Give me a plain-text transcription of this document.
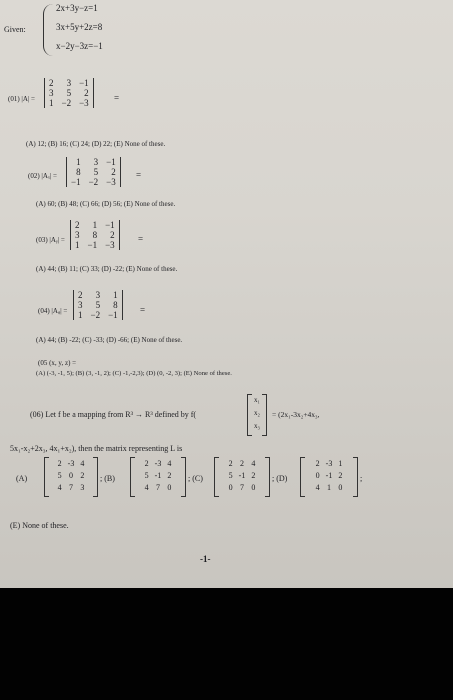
Given:
2x+3y−z=1
3x+5y+2z=8
x−2y−3z=−1
(01) |A| =
2	3	−1
3	5	2
1	−2	−3	=
(A) 12; (B) 16; (C) 24; (D) 22; (E) None of these.
(02) |Aₓ| =
1	3	−1
8	5	2
−1	−2	−3
=
(A) 60; (B) 48; (C) 66; (D) 56; (E) None of these.
(03) |Aᵧ| =
2	1	−1
3	8	2
1	−1	−3
=
(A) 44; (B) 11; (C) 33; (D) -22; (E) None of these.
(04) |Aᵩ| =
2	3	1
3	5	8
1	−2	−1 =
(A) 44; (B) -22; (C) -33; (D) -66; (E) None of these.
(05 (x, y, z) =
(A) (-3, -1, 5); (B) (3, -1, 2); (C) -1,-2,3); (D) (0, -2, 3); (E) None of these.
(06) Let f be a mapping from R³ → R³ defined by f(
x₁
x₂
x₃
= (2x₁-3x₂+4x₃,
5x₁-x₂+2x₃, 4x₁+x₂), then the matrix representing L is
(A)
2	-3	4
5	0	2
4	7	3
; (B)
2	-3	4
5	-1	2
4	7	0
; (C)
2	2	4
5	-1	2
0	7	0
; (D)
2	-3	1
0	-1	2
4	1	0
;
(E) None of these.
-1-
